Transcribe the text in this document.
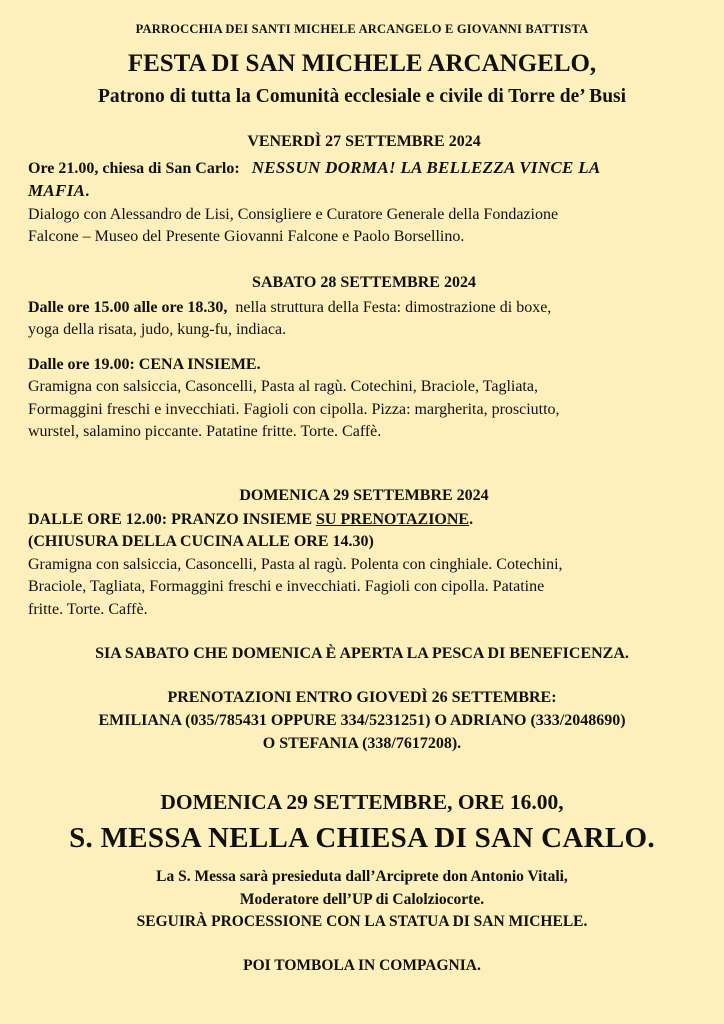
PARROCCHIA DEI SANTI MICHELE ARCANGELO E GIOVANNI BATTISTA
FESTA DI SAN MICHELE ARCANGELO,
Patrono di tutta la Comunità ecclesiale e civile di Torre de’ Busi
VENERDÌ 27 SETTEMBRE 2024
Ore 21.00, chiesa di San Carlo: NESSUN DORMA! LA BELLEZZA VINCE LA
MAFIA.
Dialogo con Alessandro de Lisi, Consigliere e Curatore Generale della Fondazione
Falcone – Museo del Presente Giovanni Falcone e Paolo Borsellino.
SABATO 28 SETTEMBRE 2024
Dalle ore 15.00 alle ore 18.30,  nella struttura della Festa: dimostrazione di boxe,
yoga della risata, judo, kung-fu, indiaca.
Dalle ore 19.00: CENA INSIEME.
Gramigna con salsiccia, Casoncelli, Pasta al ragù. Cotechini, Braciole, Tagliata,
Formaggini freschi e invecchiati. Fagioli con cipolla. Pizza: margherita, prosciutto,
wurstel, salamino piccante. Patatine fritte. Torte. Caffè.
DOMENICA 29 SETTEMBRE 2024
DALLE ORE 12.00: PRANZO INSIEME SU PRENOTAZIONE.
(CHIUSURA DELLA CUCINA ALLE ORE 14.30)
Gramigna con salsiccia, Casoncelli, Pasta al ragù. Polenta con cinghiale. Cotechini,
Braciole, Tagliata, Formaggini freschi e invecchiati. Fagioli con cipolla. Patatine
fritte. Torte. Caffè.
SIA SABATO CHE DOMENICA È APERTA LA PESCA DI BENEFICENZA.
PRENOTAZIONI ENTRO GIOVEDÌ 26 SETTEMBRE:
EMILIANA (035/785431 OPPURE 334/5231251) O ADRIANO (333/2048690)
O STEFANIA (338/7617208).
DOMENICA 29 SETTEMBRE, ORE 16.00,
S. MESSA NELLA CHIESA DI SAN CARLO.
La S. Messa sarà presieduta dall’Arciprete don Antonio Vitali,
Moderatore dell’UP di Calolziocorte.
SEGUIRÀ PROCESSIONE CON LA STATUA DI SAN MICHELE.
POI TOMBOLA IN COMPAGNIA.
